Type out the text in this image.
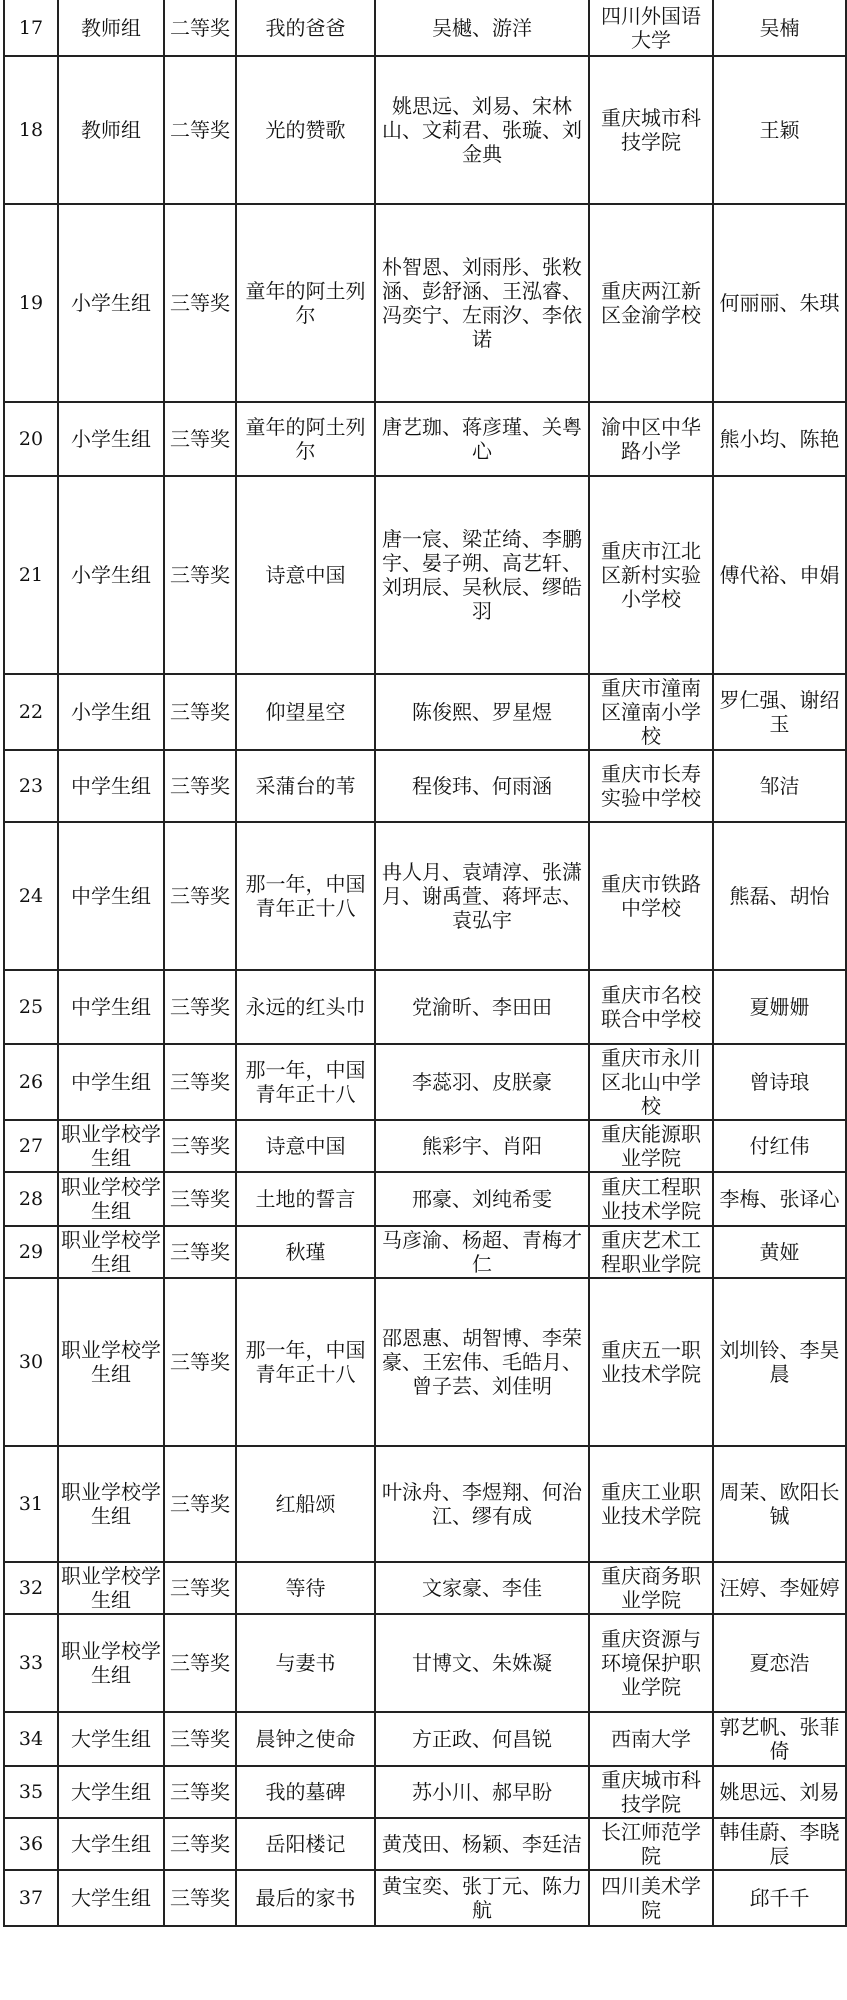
17	教师组	二等奖	我的爸爸	吴樾、游洋	四川外国语大学	吴楠
18	教师组	二等奖	光的赞歌	姚思远、刘易、宋林山、文莉君、张璇、刘金典	重庆城市科技学院	王颖
19	小学生组	三等奖	童年的阿土列尔	朴智恩、刘雨彤、张敉涵、彭舒涵、王泓睿、冯奕宁、左雨汐、李依诺	重庆两江新区金渝学校	何丽丽、朱琪
20	小学生组	三等奖	童年的阿土列尔	唐艺珈、蒋彦瑾、关粤心	渝中区中华路小学	熊小均、陈艳
21	小学生组	三等奖	诗意中国	唐一宸、梁芷绮、李鹏宇、晏子朔、高艺轩、刘玥辰、吴秋辰、缪皓羽	重庆市江北区新村实验小学校	傅代裕、申娟
22	小学生组	三等奖	仰望星空	陈俊熙、罗星煜	重庆市潼南区潼南小学校	罗仁强、谢绍玉
23	中学生组	三等奖	采蒲台的苇	程俊玮、何雨涵	重庆市长寿实验中学校	邹洁
24	中学生组	三等奖	那一年，中国青年正十八	冉人月、袁靖淳、张潇月、谢禹萱、蒋坪志、袁弘宇	重庆市铁路中学校	熊磊、胡怡
25	中学生组	三等奖	永远的红头巾	党渝昕、李田田	重庆市名校联合中学校	夏姗姗
26	中学生组	三等奖	那一年，中国青年正十八	李蕊羽、皮朕豪	重庆市永川区北山中学校	曾诗琅
27	职业学校学生组	三等奖	诗意中国	熊彩宇、肖阳	重庆能源职业学院	付红伟
28	职业学校学生组	三等奖	土地的誓言	邢豪、刘纯希雯	重庆工程职业技术学院	李梅、张译心
29	职业学校学生组	三等奖	秋瑾	马彦渝、杨超、青梅才仁	重庆艺术工程职业学院	黄娅
30	职业学校学生组	三等奖	那一年，中国青年正十八	邵恩惠、胡智博、李荣豪、王宏伟、毛皓月、曾子芸、刘佳明	重庆五一职业技术学院	刘圳铃、李昊晨
31	职业学校学生组	三等奖	红船颂	叶泳舟、李煜翔、何治江、缪有成	重庆工业职业技术学院	周茉、欧阳长铖
32	职业学校学生组	三等奖	等待	文家豪、李佳	重庆商务职业学院	汪婷、李娅婷
33	职业学校学生组	三等奖	与妻书	甘博文、朱姝凝	重庆资源与环境保护职业学院	夏恋浩
34	大学生组	三等奖	晨钟之使命	方正政、何昌锐	西南大学	郭艺帆、张菲倚
35	大学生组	三等奖	我的墓碑	苏小川、郝早盼	重庆城市科技学院	姚思远、刘易
36	大学生组	三等奖	岳阳楼记	黄茂田、杨颖、李廷洁	长江师范学院	韩佳蔚、李晓辰
37	大学生组	三等奖	最后的家书	黄宝奕、张丁元、陈力航	四川美术学院	邱千千
